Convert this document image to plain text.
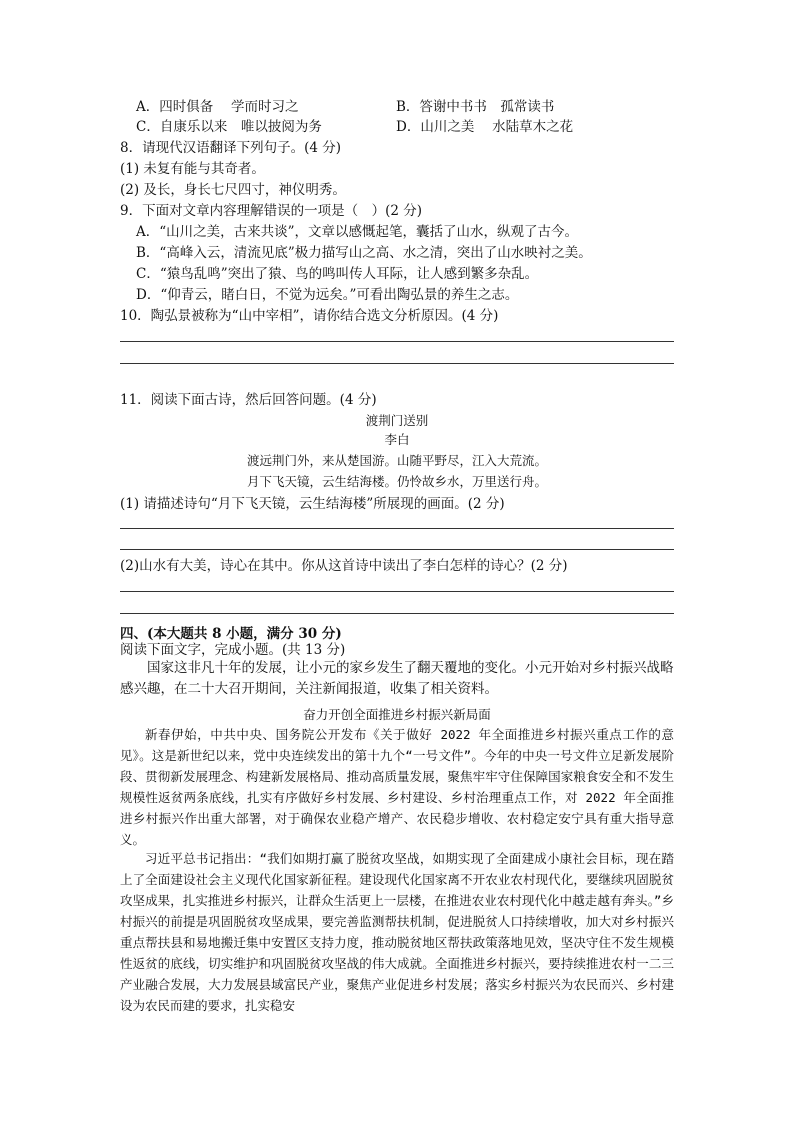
A．四时俱备　 学而时习之	B．答谢中书书　孤常读书
C．自康乐以来　唯以披阅为务	D．山川之美　 水陆草木之花
8．请现代汉语翻译下列句子。(4 分)
(1) 未复有能与其奇者。
(2) 及长，身长七尺四寸，神仪明秀。
9．下面对文章内容理解错误的一项是（　）(2 分)
A．“山川之美，古来共谈”，文章以感慨起笔，囊括了山水，纵观了古今。
B．“高峰入云，清流见底”极力描写山之高、水之清，突出了山水映衬之美。
C．“猿鸟乱鸣”突出了猿、鸟的鸣叫传人耳际，让人感到繁多杂乱。
D．“仰青云，睹白日，不觉为远矣。”可看出陶弘景的养生之志。
10．陶弘景被称为“山中宰相”，请你结合选文分析原因。(4 分)
11．阅读下面古诗，然后回答问题。(4 分)
渡荆门送别
李白
渡远荆门外，来从楚国游。山随平野尽，江入大荒流。
月下飞天镜，云生结海楼。仍怜故乡水，万里送行舟。
(1) 请描述诗句“月下飞天镜，云生结海楼”所展现的画面。(2 分)
(2)山水有大美，诗心在其中。你从这首诗中读出了李白怎样的诗心？(2 分)
四、(本大题共 8 小题，满分 30 分)
阅读下面文字，完成小题。(共 13 分)

国家这非凡十年的发展，让小元的家乡发生了翻天覆地的变化。小元开始对乡村振兴战略感兴趣，在二十大召开期间，关注新闻报道，收集了相关资料。

奋力开创全面推进乡村振兴新局面

新春伊始，中共中央、国务院公开发布《关于做好 2022 年全面推进乡村振兴重点工作的意见》。这是新世纪以来，党中央连续发出的第十九个“一号文件”。今年的中央一号文件立足新发展阶段、贯彻新发展理念、构建新发展格局、推动高质量发展，聚焦牢牢守住保障国家粮食安全和不发生规模性返贫两条底线，扎实有序做好乡村发展、乡村建设、乡村治理重点工作，对 2022 年全面推进乡村振兴作出重大部署，对于确保农业稳产增产、农民稳步增收、农村稳定安宁具有重大指导意义。

习近平总书记指出：“我们如期打赢了脱贫攻坚战，如期实现了全面建成小康社会目标，现在踏上了全面建设社会主义现代化国家新征程。建设现代化国家离不开农业农村现代化，要继续巩固脱贫攻坚成果，扎实推进乡村振兴，让群众生活更上一层楼，在推进农业农村现代化中越走越有奔头。”乡村振兴的前提是巩固脱贫攻坚成果，要完善监测帮扶机制，促进脱贫人口持续增收，加大对乡村振兴重点帮扶县和易地搬迁集中安置区支持力度，推动脱贫地区帮扶政策落地见效，坚决守住不发生规模性返贫的底线，切实维护和巩固脱贫攻坚战的伟大成就。全面推进乡村振兴，要持续推进农村一二三产业融合发展，大力发展县域富民产业，聚焦产业促进乡村发展；落实乡村振兴为农民而兴、乡村建设为农民而建的要求，扎实稳安
